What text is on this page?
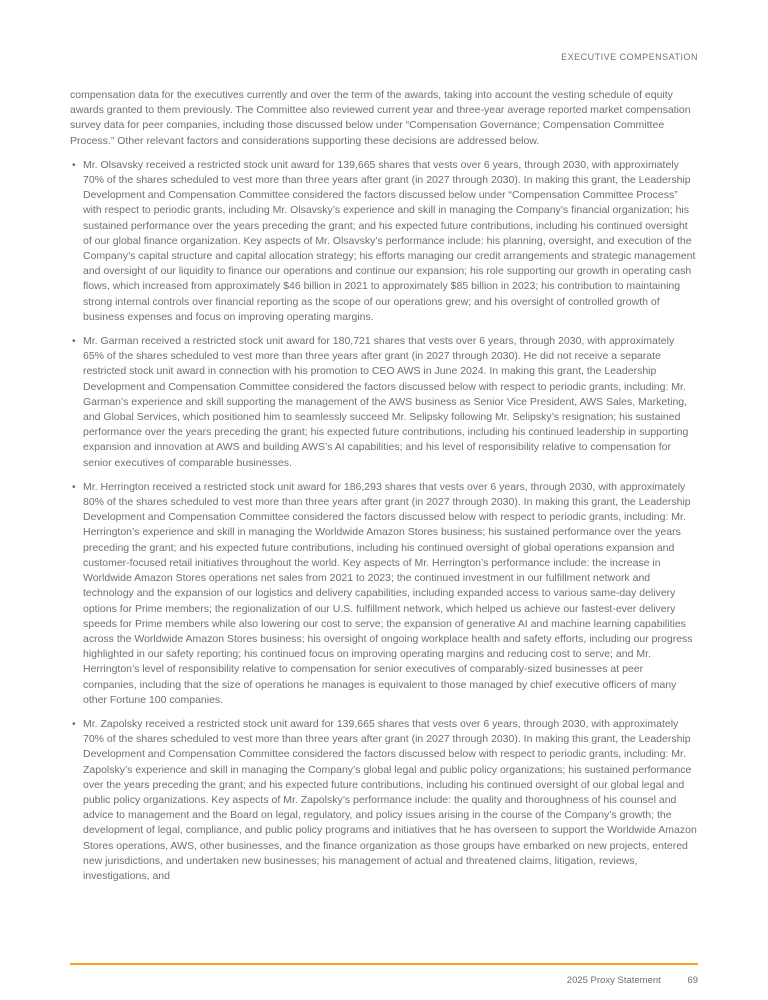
EXECUTIVE COMPENSATION

compensation data for the executives currently and over the term of the awards, taking into account the vesting schedule of equity awards granted to them previously. The Committee also reviewed current year and three-year average reported market compensation survey data for peer companies, including those discussed below under “Compensation Governance; Compensation Committee Process.” Other relevant factors and considerations supporting these decisions are addressed below.

• Mr. Olsavsky received a restricted stock unit award for 139,665 shares that vests over 6 years, through 2030, with approximately 70% of the shares scheduled to vest more than three years after grant (in 2027 through 2030). In making this grant, the Leadership Development and Compensation Committee considered the factors discussed below under “Compensation Committee Process” with respect to periodic grants, including Mr. Olsavsky’s experience and skill in managing the Company’s financial organization; his sustained performance over the years preceding the grant; and his expected future contributions, including his continued oversight of our global finance organization. Key aspects of Mr. Olsavsky’s performance include: his planning, oversight, and execution of the Company’s capital structure and capital allocation strategy; his efforts managing our credit arrangements and strategic management and oversight of our liquidity to finance our operations and continue our expansion; his role supporting our growth in operating cash flows, which increased from approximately $46 billion in 2021 to approximately $85 billion in 2023; his contribution to maintaining strong internal controls over financial reporting as the scope of our operations grew; and his oversight of controlled growth of business expenses and focus on improving operating margins.
• Mr. Garman received a restricted stock unit award for 180,721 shares that vests over 6 years, through 2030, with approximately 65% of the shares scheduled to vest more than three years after grant (in 2027 through 2030). He did not receive a separate restricted stock unit award in connection with his promotion to CEO AWS in June 2024. In making this grant, the Leadership Development and Compensation Committee considered the factors discussed below with respect to periodic grants, including: Mr. Garman’s experience and skill supporting the management of the AWS business as Senior Vice President, AWS Sales, Marketing, and Global Services, which positioned him to seamlessly succeed Mr. Selipsky following Mr. Selipsky’s resignation; his sustained performance over the years preceding the grant; his expected future contributions, including his continued leadership in supporting expansion and innovation at AWS and building AWS’s AI capabilities; and his level of responsibility relative to compensation for senior executives of comparable businesses.
• Mr. Herrington received a restricted stock unit award for 186,293 shares that vests over 6 years, through 2030, with approximately 80% of the shares scheduled to vest more than three years after grant (in 2027 through 2030). In making this grant, the Leadership Development and Compensation Committee considered the factors discussed below with respect to periodic grants, including: Mr. Herrington’s experience and skill in managing the Worldwide Amazon Stores business; his sustained performance over the years preceding the grant; and his expected future contributions, including his continued oversight of global operations expansion and customer-focused retail initiatives throughout the world. Key aspects of Mr. Herrington’s performance include: the increase in Worldwide Amazon Stores operations net sales from 2021 to 2023; the continued investment in our fulfillment network and technology and the expansion of our logistics and delivery capabilities, including expanded access to various same-day delivery options for Prime members; the regionalization of our U.S. fulfillment network, which helped us achieve our fastest-ever delivery speeds for Prime members while also lowering our cost to serve; the expansion of generative AI and machine learning capabilities across the Worldwide Amazon Stores business; his oversight of ongoing workplace health and safety efforts, including our progress highlighted in our safety reporting; his continued focus on improving operating margins and reducing cost to serve; and Mr. Herrington’s level of responsibility relative to compensation for senior executives of comparably-sized businesses at peer companies, including that the size of operations he manages is equivalent to those managed by chief executive officers of many other Fortune 100 companies.
• Mr. Zapolsky received a restricted stock unit award for 139,665 shares that vests over 6 years, through 2030, with approximately 70% of the shares scheduled to vest more than three years after grant (in 2027 through 2030). In making this grant, the Leadership Development and Compensation Committee considered the factors discussed below with respect to periodic grants, including: Mr. Zapolsky’s experience and skill in managing the Company’s global legal and public policy organizations; his sustained performance over the years preceding the grant; and his expected future contributions, including his continued oversight of our global legal and public policy organizations. Key aspects of Mr. Zapolsky’s performance include: the quality and thoroughness of his counsel and advice to management and the Board on legal, regulatory, and policy issues arising in the course of the Company’s growth; the development of legal, compliance, and public policy programs and initiatives that he has overseen to support the Worldwide Amazon Stores operations, AWS, other businesses, and the finance organization as those groups have embarked on new projects, entered new jurisdictions, and undertaken new businesses; his management of actual and threatened claims, litigation, reviews, investigations, and
2025 Proxy Statement	69
